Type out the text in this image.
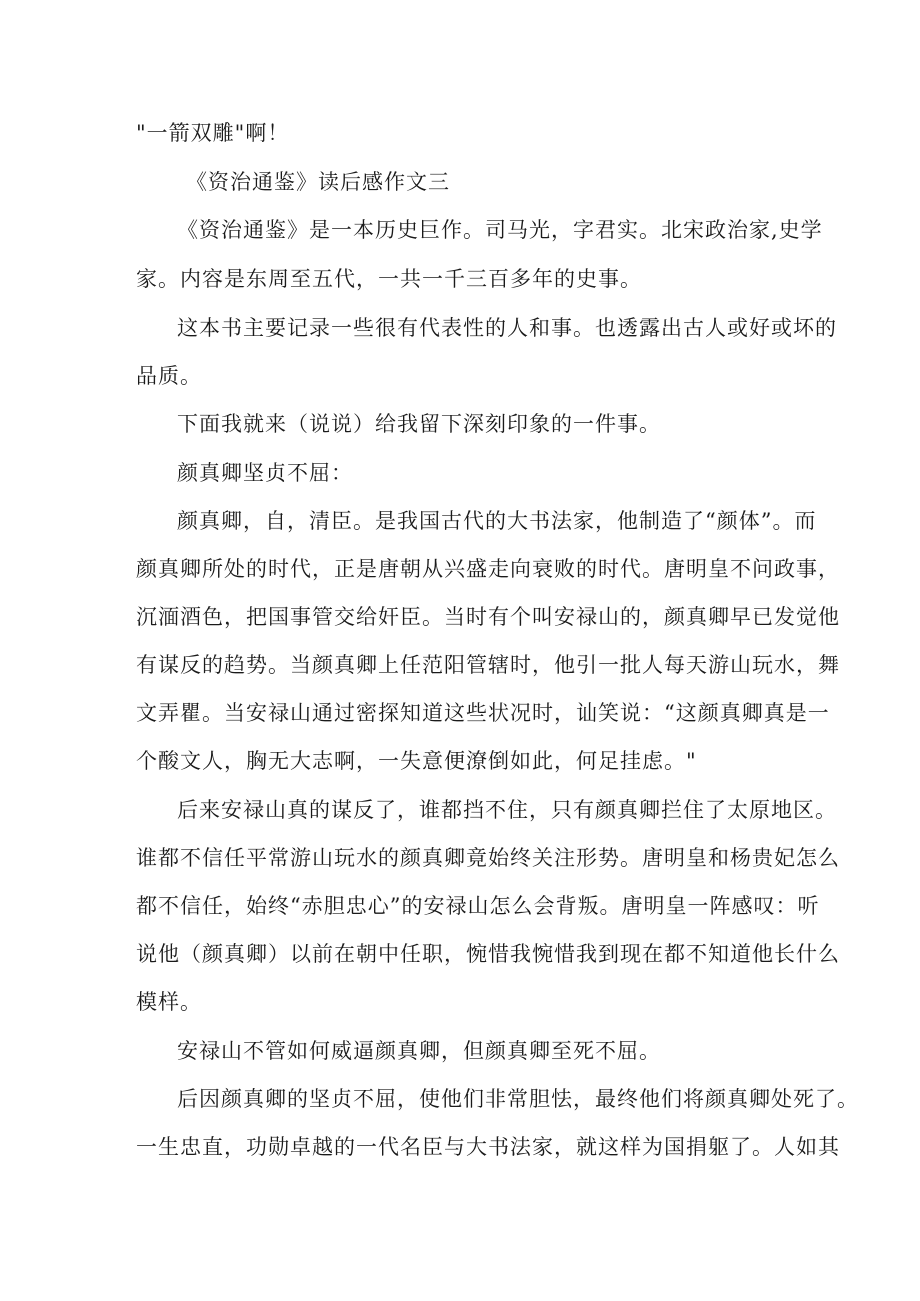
"一箭双雕"啊！
《资治通鉴》读后感作文三
《资治通鉴》是一本历史巨作。司马光，字君实。北宋政治家,史学
家。内容是东周至五代，一共一千三百多年的史事。
这本书主要记录一些很有代表性的人和事。也透露出古人或好或坏的
品质。
下面我就来（说说）给我留下深刻印象的一件事。
颜真卿坚贞不屈：
颜真卿，自，清臣。是我国古代的大书法家，他制造了“颜体”。而
颜真卿所处的时代，正是唐朝从兴盛走向衰败的时代。唐明皇不问政事，
沉湎酒色，把国事管交给奸臣。当时有个叫安禄山的，颜真卿早已发觉他
有谋反的趋势。当颜真卿上任范阳管辖时，他引一批人每天游山玩水，舞
文弄瞿。当安禄山通过密探知道这些状况时，讪笑说：“这颜真卿真是一
个酸文人，胸无大志啊，一失意便潦倒如此，何足挂虑。"
后来安禄山真的谋反了，谁都挡不住，只有颜真卿拦住了太原地区。
谁都不信任平常游山玩水的颜真卿竟始终关注形势。唐明皇和杨贵妃怎么
都不信任，始终“赤胆忠心”的安禄山怎么会背叛。唐明皇一阵感叹：听
说他（颜真卿）以前在朝中任职，惋惜我惋惜我到现在都不知道他长什么
模样。
安禄山不管如何威逼颜真卿，但颜真卿至死不屈。
后因颜真卿的坚贞不屈，使他们非常胆怯，最终他们将颜真卿处死了。
一生忠直，功勋卓越的一代名臣与大书法家，就这样为国捐躯了。人如其
